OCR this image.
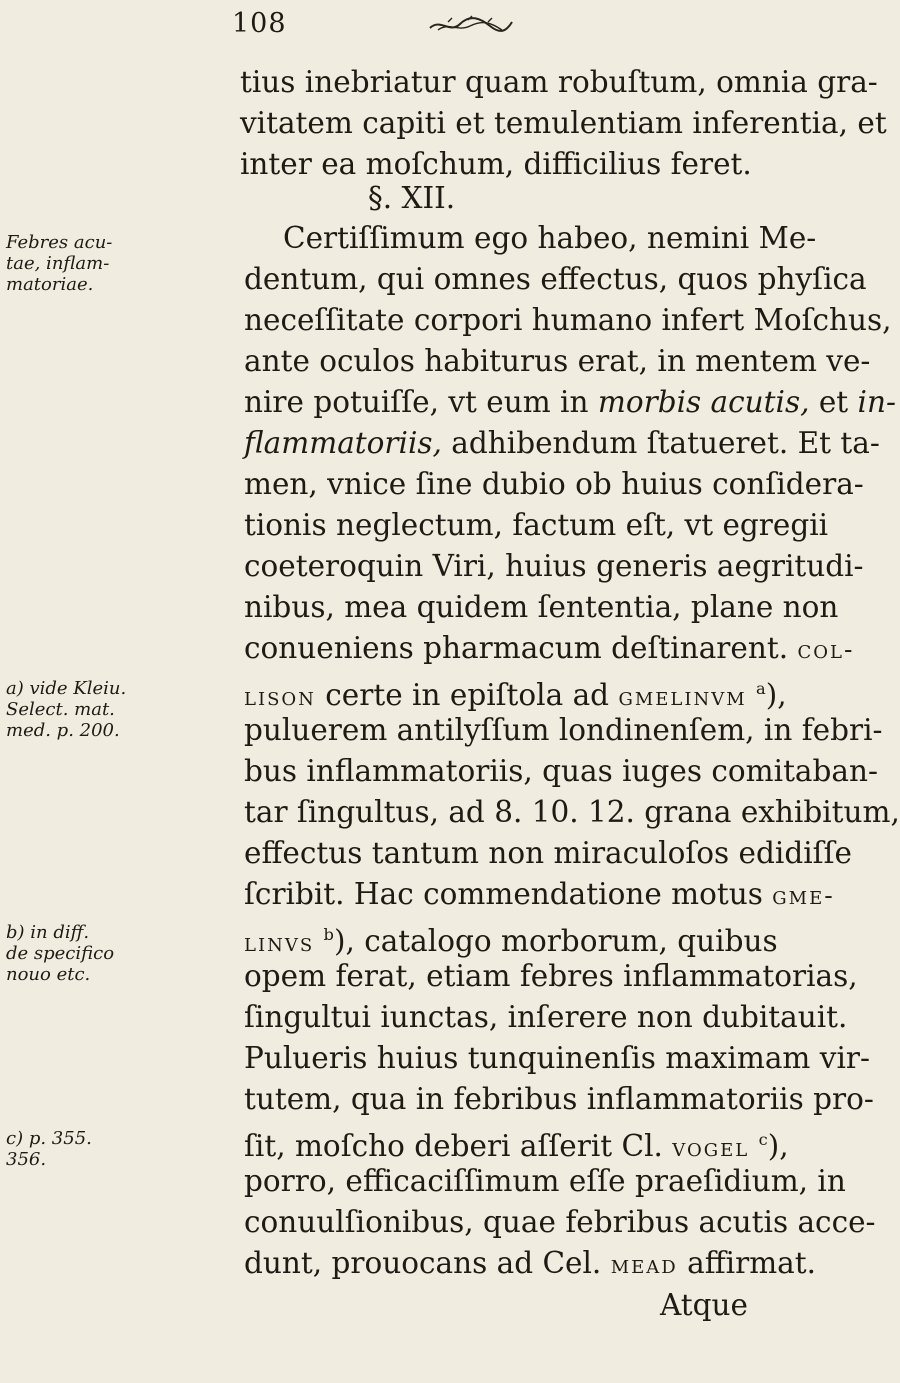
108
tius inebriatur quam robuſtum, omnia gra-
vitatem capiti et temulentiam inferentia, et
inter ea moſchum, difficilius feret.
§. XII.
Certiſſimum ego habeo, nemini Me-
dentum, qui omnes effectus, quos phyſica
neceſſitate corpori humano infert Moſchus,
ante oculos habiturus erat, in mentem ve-
nire potuiſſe, vt eum in morbis acutis, et in-
flammatoriis, adhibendum ſtatueret. Et ta-
men, vnice ſine dubio ob huius conſidera-
tionis neglectum, factum eſt, vt egregii
coeteroquin Viri, huius generis aegritudi-
nibus, mea quidem ſententia, plane non
conueniens pharmacum deſtinarent. col-
lison certe in epiſtola ad gmelinvm $^a$),
puluerem antilyſſum londinenſem, in febri-
bus inflammatoriis, quas iuges comitaban-
tar ſingultus, ad 8. 10. 12. grana exhibitum,
effectus tantum non miraculoſos edidiſſe
ſcribit. Hac commendatione motus gme-
linvs $^b$), catalogo morborum, quibus
opem ferat, etiam febres inflammatorias,
ſingultui iunctas, inſerere non dubitauit.
Pulueris huius tunquinenſis maximam vir-
tutem, qua in febribus inflammatoriis pro-
ſit, moſcho deberi aſſerit Cl. vogel $^c$),
porro, efficaciſſimum eſſe praeſidium, in
conuulſionibus, quae febribus acutis acce-
dunt, prouocans ad Cel. mead affirmat.
Atque
Febres acu-
tae, inflam-
matoriae.
a) vide Kleiu.
Select. mat.
med. p. 200.
b) in diff.
de specifico
nouo etc.
c) p. 355.
356.
